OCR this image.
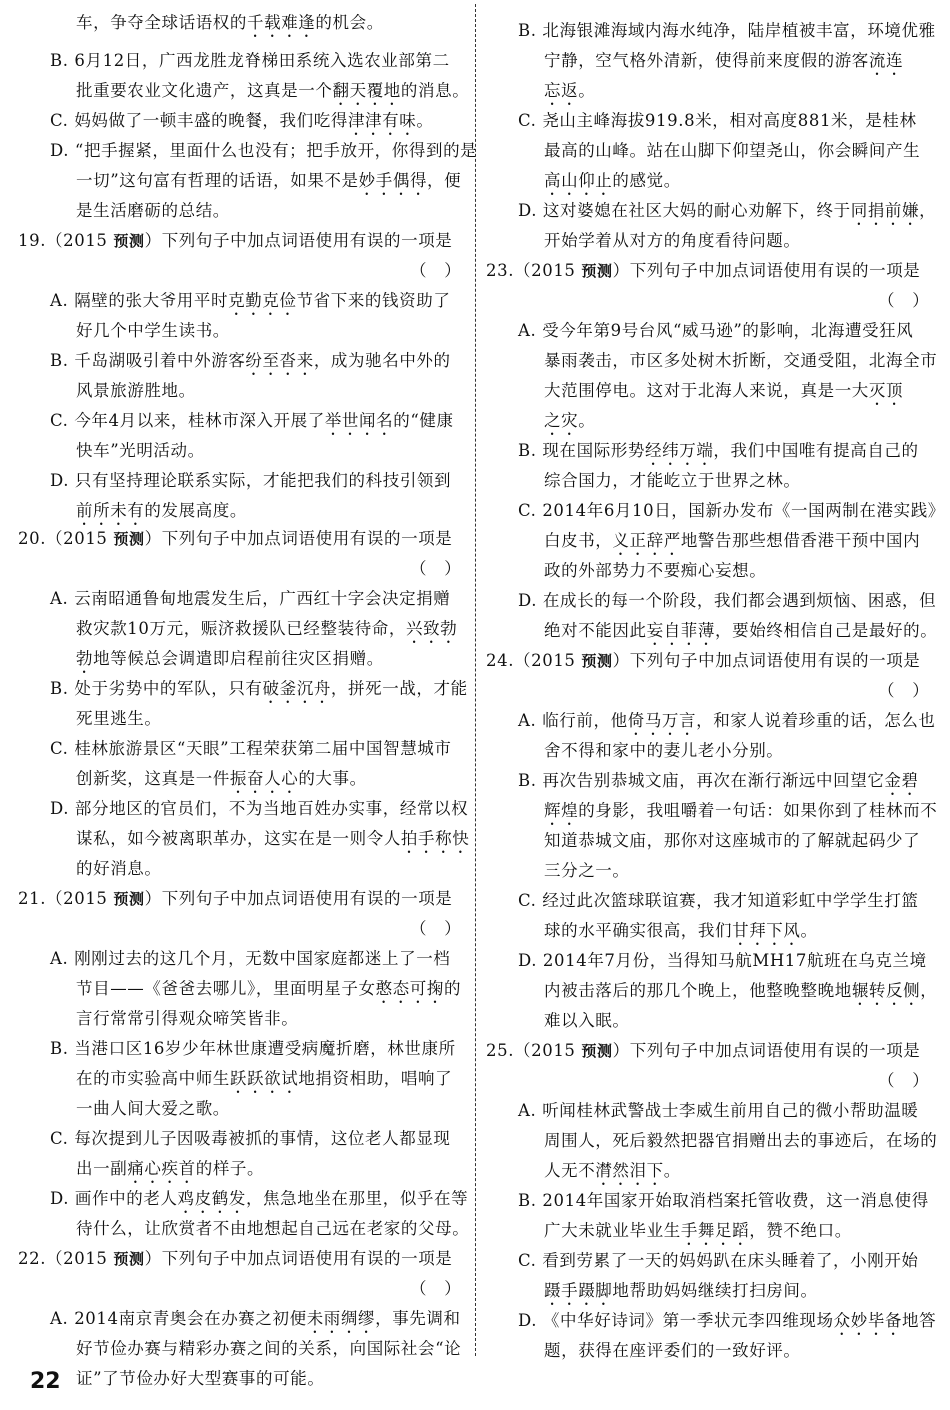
车，争夺全球话语权的千载难逢的机会。
B. 6月12日，广西龙胜龙脊梯田系统入选农业部第二
批重要农业文化遗产，这真是一个翻天覆地的消息。
C. 妈妈做了一顿丰盛的晚餐，我们吃得津津有味。
D. “把手握紧，里面什么也没有；把手放开，你得到的是
一切”这句富有哲理的话语，如果不是妙手偶得，便
是生活磨砺的总结。
19.（2015 预测）下列句子中加点词语使用有误的一项是
（　）
A. 隔壁的张大爷用平时克勤克俭节省下来的钱资助了
好几个中学生读书。
B. 千岛湖吸引着中外游客纷至沓来，成为驰名中外的
风景旅游胜地。
C. 今年4月以来，桂林市深入开展了举世闻名的“健康
快车”光明活动。
D. 只有坚持理论联系实际，才能把我们的科技引领到
前所未有的发展高度。
20.（2015 预测）下列句子中加点词语使用有误的一项是
（　）
A. 云南昭通鲁甸地震发生后，广西红十字会决定捐赠
救灾款10万元，赈济救援队已经整装待命，兴致勃
勃地等候总会调遣即启程前往灾区捐赠。
B. 处于劣势中的军队，只有破釜沉舟，拼死一战，才能
死里逃生。
C. 桂林旅游景区“天眼”工程荣获第二届中国智慧城市
创新奖，这真是一件振奋人心的大事。
D. 部分地区的官员们，不为当地百姓办实事，经常以权
谋私，如今被离职革办，这实在是一则令人拍手称快
的好消息。
21.（2015 预测）下列句子中加点词语使用有误的一项是
（　）
A. 刚刚过去的这几个月，无数中国家庭都迷上了一档
节目——《爸爸去哪儿》，里面明星子女憨态可掬的
言行常常引得观众啼笑皆非。
B. 当港口区16岁少年林世康遭受病魔折磨，林世康所
在的市实验高中师生跃跃欲试地捐资相助，唱响了
一曲人间大爱之歌。
C. 每次提到儿子因吸毒被抓的事情，这位老人都显现
出一副痛心疾首的样子。
D. 画作中的老人鸡皮鹤发，焦急地坐在那里，似乎在等
待什么，让欣赏者不由地想起自己远在老家的父母。
22.（2015 预测）下列句子中加点词语使用有误的一项是
（　）
A. 2014南京青奥会在办赛之初便未雨绸缪，事先调和
好节俭办赛与精彩办赛之间的关系，向国际社会“论
证”了节俭办好大型赛事的可能。
B. 北海银滩海域内海水纯净，陆岸植被丰富，环境优雅
宁静，空气格外清新，使得前来度假的游客流连
忘返。
C. 尧山主峰海拔919.8米，相对高度881米，是桂林
最高的山峰。站在山脚下仰望尧山，你会瞬间产生
高山仰止的感觉。
D. 这对婆媳在社区大妈的耐心劝解下，终于同捐前嫌，
开始学着从对方的角度看待问题。
23.（2015 预测）下列句子中加点词语使用有误的一项是
（　）
A. 受今年第9号台风“威马逊”的影响，北海遭受狂风
暴雨袭击，市区多处树木折断，交通受阻，北海全市
大范围停电。这对于北海人来说，真是一大灭顶
之灾。
B. 现在国际形势经纬万端，我们中国唯有提高自己的
综合国力，才能屹立于世界之林。
C. 2014年6月10日，国新办发布《一国两制在港实践》
白皮书，义正辞严地警告那些想借香港干预中国内
政的外部势力不要痴心妄想。
D. 在成长的每一个阶段，我们都会遇到烦恼、困惑，但
绝对不能因此妄自菲薄，要始终相信自己是最好的。
24.（2015 预测）下列句子中加点词语使用有误的一项是
（　）
A. 临行前，他倚马万言，和家人说着珍重的话，怎么也
舍不得和家中的妻儿老小分别。
B. 再次告别恭城文庙，再次在渐行渐远中回望它金碧
辉煌的身影，我咀嚼着一句话：如果你到了桂林而不
知道恭城文庙，那你对这座城市的了解就起码少了
三分之一。
C. 经过此次篮球联谊赛，我才知道彩虹中学学生打篮
球的水平确实很高，我们甘拜下风。
D. 2014年7月份，当得知马航MH17航班在乌克兰境
内被击落后的那几个晚上，他整晚整晚地辗转反侧，
难以入眠。
25.（2015 预测）下列句子中加点词语使用有误的一项是
（　）
A. 听闻桂林武警战士李威生前用自己的微小帮助温暖
周围人，死后毅然把器官捐赠出去的事迹后，在场的
人无不潸然泪下。
B. 2014年国家开始取消档案托管收费，这一消息使得
广大未就业毕业生手舞足蹈，赞不绝口。
C. 看到劳累了一天的妈妈趴在床头睡着了，小刚开始
蹑手蹑脚地帮助妈妈继续打扫房间。
D. 《中华好诗词》第一季状元李四维现场众妙毕备地答
题，获得在座评委们的一致好评。
22
